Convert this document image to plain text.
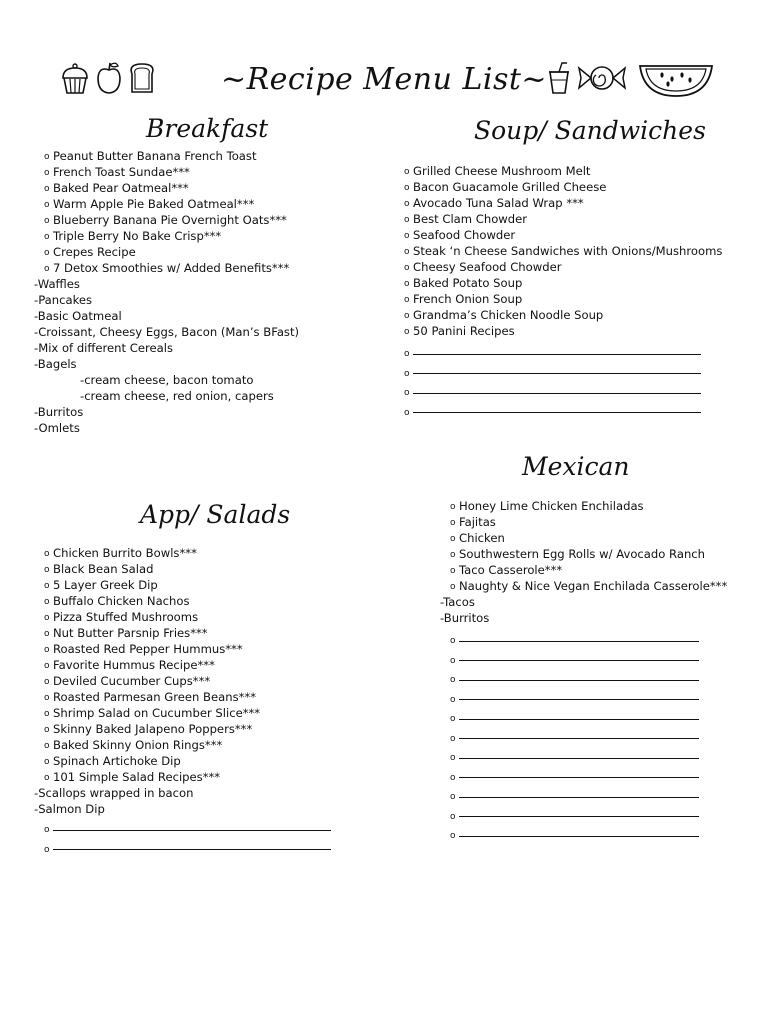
~Recipe Menu List~
Breakfast
o Peanut Butter Banana French Toast
o French Toast Sundae***
o Baked Pear Oatmeal***
o Warm Apple Pie Baked Oatmeal***
o Blueberry Banana Pie Overnight Oats***
o Triple Berry No Bake Crisp***
o Crepes Recipe
o 7 Detox Smoothies w/ Added Benefits***
- Waffles
- Pancakes
- Basic Oatmeal
- Croissant, Cheesy Eggs, Bacon (Man’s BFast)
- Mix of different Cereals
- Bagels
- cream cheese, bacon tomato
- cream cheese, red onion, capers
- Burritos
- Omlets
Soup/ Sandwiches
o Grilled Cheese Mushroom Melt
o Bacon Guacamole Grilled Cheese
o Avocado Tuna Salad Wrap ***
o Best Clam Chowder
o Seafood Chowder
o Steak ‘n Cheese Sandwiches with Onions/Mushrooms
o Cheesy Seafood Chowder
o Baked Potato Soup
o French Onion Soup
o Grandma’s Chicken Noodle Soup
o 50 Panini Recipes
o
o
o
o
App/ Salads
o Chicken Burrito Bowls***
o Black Bean Salad
o 5 Layer Greek Dip
o Buffalo Chicken Nachos
o Pizza Stuffed Mushrooms
o Nut Butter Parsnip Fries***
o Roasted Red Pepper Hummus***
o Favorite Hummus Recipe***
o Deviled Cucumber Cups***
o Roasted Parmesan Green Beans***
o Shrimp Salad on Cucumber Slice***
o Skinny Baked Jalapeno Poppers***
o Baked Skinny Onion Rings***
o Spinach Artichoke Dip
o 101 Simple Salad Recipes***
- Scallops wrapped in bacon
- Salmon Dip
o
o
Mexican
o Honey Lime Chicken Enchiladas
o Fajitas
o Chicken
o Southwestern Egg Rolls w/ Avocado Ranch
o Taco Casserole***
o Naughty & Nice Vegan Enchilada Casserole***
- Tacos
- Burritos
o
o
o
o
o
o
o
o
o
o
o
